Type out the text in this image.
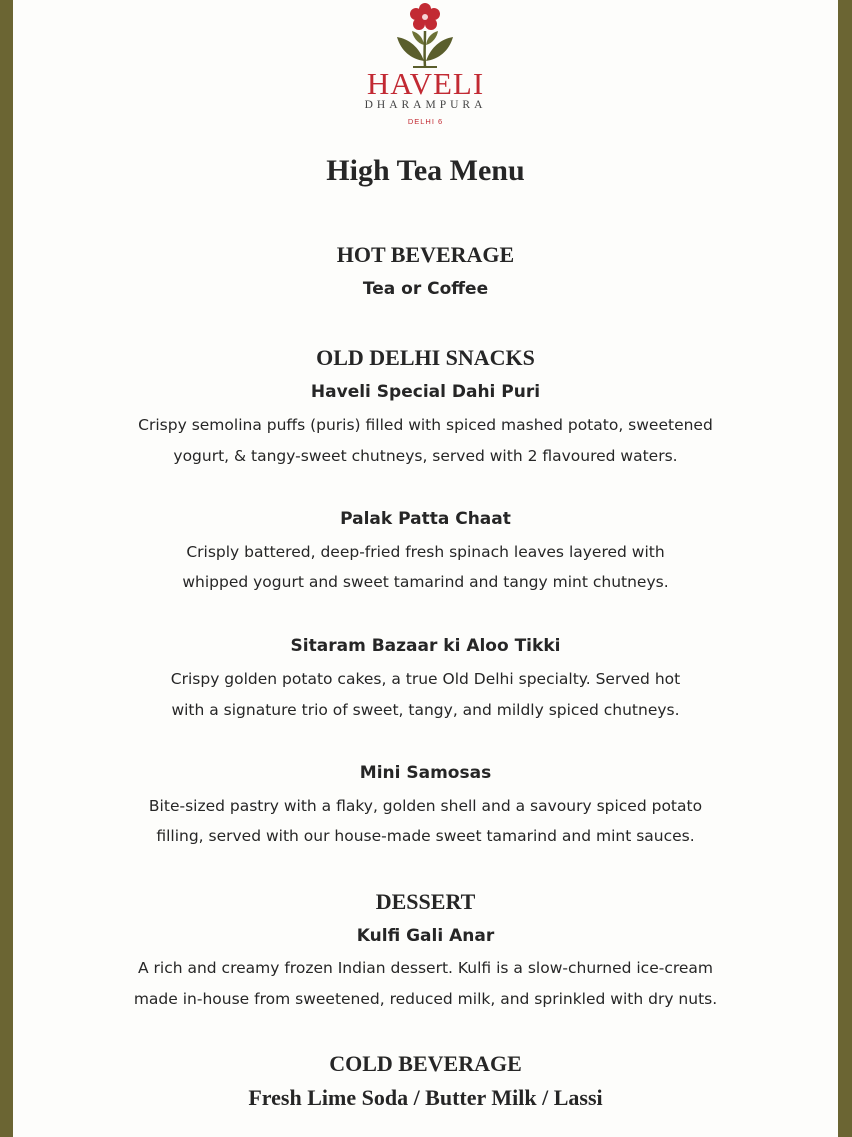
HAVELI
DHARAMPURA
DELHI 6
High Tea Menu
HOT BEVERAGE
Tea or Coffee
OLD DELHI SNACKS
Haveli Special Dahi Puri
Crispy semolina puffs (puris) filled with spiced mashed potato, sweetened
yogurt, & tangy-sweet chutneys, served with 2 flavoured waters.
Palak Patta Chaat
Crisply battered, deep-fried fresh spinach leaves layered with
whipped yogurt and sweet tamarind and tangy mint chutneys.
Sitaram Bazaar ki Aloo Tikki
Crispy golden potato cakes, a true Old Delhi specialty. Served hot
with a signature trio of sweet, tangy, and mildly spiced chutneys.
Mini Samosas
Bite-sized pastry with a flaky, golden shell and a savoury spiced potato
filling, served with our house-made sweet tamarind and mint sauces.
DESSERT
Kulfi Gali Anar
A rich and creamy frozen Indian dessert. Kulfi is a slow-churned ice-cream
made in-house from sweetened, reduced milk, and sprinkled with dry nuts.
COLD BEVERAGE
Fresh Lime Soda / Butter Milk / Lassi
